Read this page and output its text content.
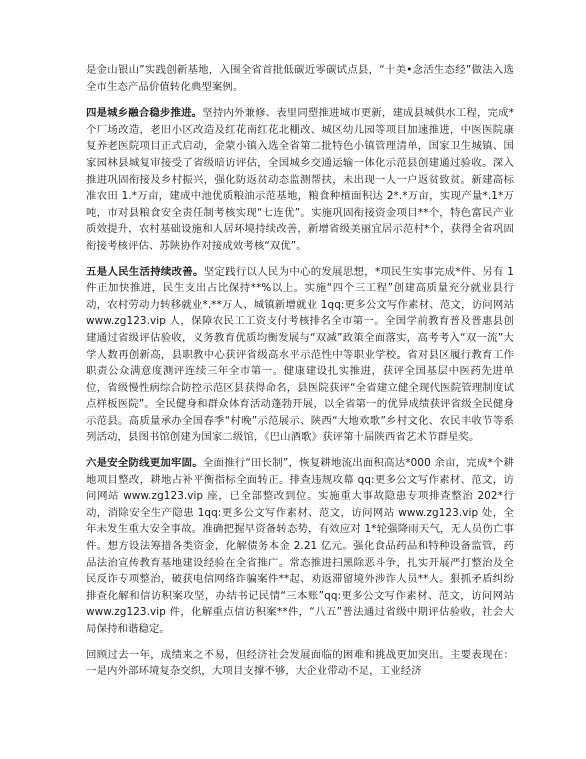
是金山银山”实践创新基地，入围全省首批低碳近零碳试点县，“十美•念活生态经”做法入选全市生态产品价值转化典型案例。

四是城乡融合稳步推进。坚持内外兼修、表里同塑推进城市更新，建成县城供水工程，完成*个厂场改造，老旧小区改造及红花南红花北棚改、城区幼儿园等项目加速推进，中医医院康复养老医院项目正式启动，金蒙小镇入选全省第二批特色小镇管理清单，国家卫生城镇、国家园林县城复审接受了省级暗访评估，全国城乡交通运输一体化示范县创建通过验收。深入推进巩固衔接及乡村振兴，强化防返贫动态监测帮扶，未出现一人一户返贫致贫。新建高标准农田 1.*万亩，建成中池优质粮油示范基地，粮食种植面积达 2*.*万亩，实现产量*.1*万吨，市对县粮食安全责任制考核实现“七连优”。实施巩固衔接资金项目**个，特色富民产业质效提升，农村基础设施和人居环境持续改善，新增省级美丽宜居示范村*个，获得全省巩固衔接考核评估、苏陕协作对接成效考核“双优”。

五是人民生活持续改善。坚定践行以人民为中心的发展思想，*项民生实事完成*件、另有 1 件正加快推进，民生支出占比保持**%以上。实施“四个三工程”创建高质量充分就业县行动，农村劳动力转移就业*.**万人、城镇新增就业 1qq:更多公文写作素材、范文，访问网站 www.zg123.vip 人，保障农民工工资支付考核排名全市第一。全国学前教育普及普惠县创建通过省级评估验收，义务教育优质均衡发展与“双减”政策全面落实，高考考入“双一流”大学人数再创新高，县职教中心获评省级高水平示范性中等职业学校。省对县区履行教育工作职责公众满意度测评连续三年全市第一。健康建设扎实推进，获评全国基层中医药先进单位，省级慢性病综合防控示范区县获得命名，县医院获评“全省建立健全现代医院管理制度试点样板医院”。全民健身和群众体育活动蓬勃开展，以全省第一的优异成绩获评省级全民健身示范县。高质量承办全国春季“村晚”示范展示、陕西“大地欢歌”乡村文化、农民丰收节等系列活动，县图书馆创建为国家二级馆，《巴山酒歌》获评第十届陕西省艺术节群星奖。

六是安全防线更加牢固。全面推行“田长制”，恢复耕地流出面积高达*000 余亩，完成*个耕地项目整改，耕地占补平衡指标全面转正。排查违规攻幕 qq:更多公文写作素材、范文，访问网站 www.zg123.vip 座，已全部整改到位。实施重大事故隐患专项排查整治 202*行动，消除安全生产隐患 1qq:更多公文写作素材、范文，访问网站 www.zg123.vip 处，全年未发生重大安全事故。准确把握早资备转态势，有效应对 1*轮强降雨天气，无人员伤亡事件。想方设法筹措各类资金，化解债务本金 2.21 亿元。强化食品药品和特种设备监管，药品法治宣传教育基地建设经验在全省推广。常态推进扫黑除恶斗争，扎实开展严打整治及全民反诈专项整治，破获电信网络诈骗案件**起、劝返滞留境外涉诈人员**人。狠抓矛盾纠纷排查化解和信访积案攻坚，办结书记民情“三本账”qq:更多公文写作素材、范文，访问网站 www.zg123.vip 件，化解重点信访积案**件，“八五”普法通过省级中期评估验收，社会大局保持和谐稳定。

回顾过去一年，成绩来之不易，但经济社会发展面临的困难和挑战更加突出。主要表现在：一是内外部环境复杂交织，大项目支撑不够，大企业带动不足，工业经济
